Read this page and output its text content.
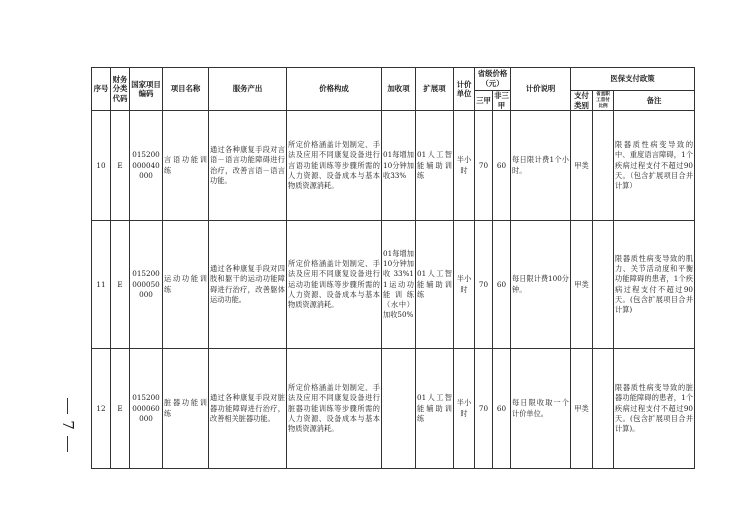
7
序号	财务分类代码	国家项目编码	项目名称	服务产出	价格构成	加收项	扩展项	计价单位	省级价格（元）		计价说明	医保支付政策		
									三甲	非三甲		支付类别	省直职工首付比例	备注
10	E	015200000040000	言语功能训练	通过各种康复手段对言语－语言功能障碍进行治疗，改善言语－语言功能。	所定价格涵盖计划制定、手法及应用不同康复设备进行言语功能训练等步骤所需的人力资源、设备成本与基本物质资源消耗。	01每增加10分钟加收33%	01人工智能辅助训练	半小时	70	60	每日限计费1个小时。	甲类		限器质性病变导致的中、重度语言障碍，1个疾病过程支付不超过90天。（包含扩展项目合并计算）
11	E	015200000050000	运动功能训练	通过各种康复手段对四肢和躯干的运动功能障碍进行治疗，改善躯体运动功能。	所定价格涵盖计划制定、手法及应用不同康复设备进行运动功能训练等步骤所需的人力资源、设备成本与基本物质资源消耗。	01每增加10分钟加收33%11运动功能训练（水中）加收50%	01人工智能辅助训练	半小时	70	60	每日限计费100分钟。	甲类		限器质性病变导致的肌力、关节活动度和平衡功能障碍的患者，1个疾病过程支付不超过90天。(包含扩展项目合并计算)
12	E	015200000060000	脏器功能训练	通过各种康复手段对脏器功能障碍进行治疗，改善相关脏器功能。	所定价格涵盖计划制定、手法及应用不同康复设备进行脏器功能训练等步骤所需的人力资源、设备成本与基本物质资源消耗。		01人工智能辅助训练	半小时	70	60	每日限收取一个计价单位。	甲类		限器质性病变导致的脏器功能障碍的患者，1个疾病过程支付不超过90天。(包含扩展项目合并计算)。
